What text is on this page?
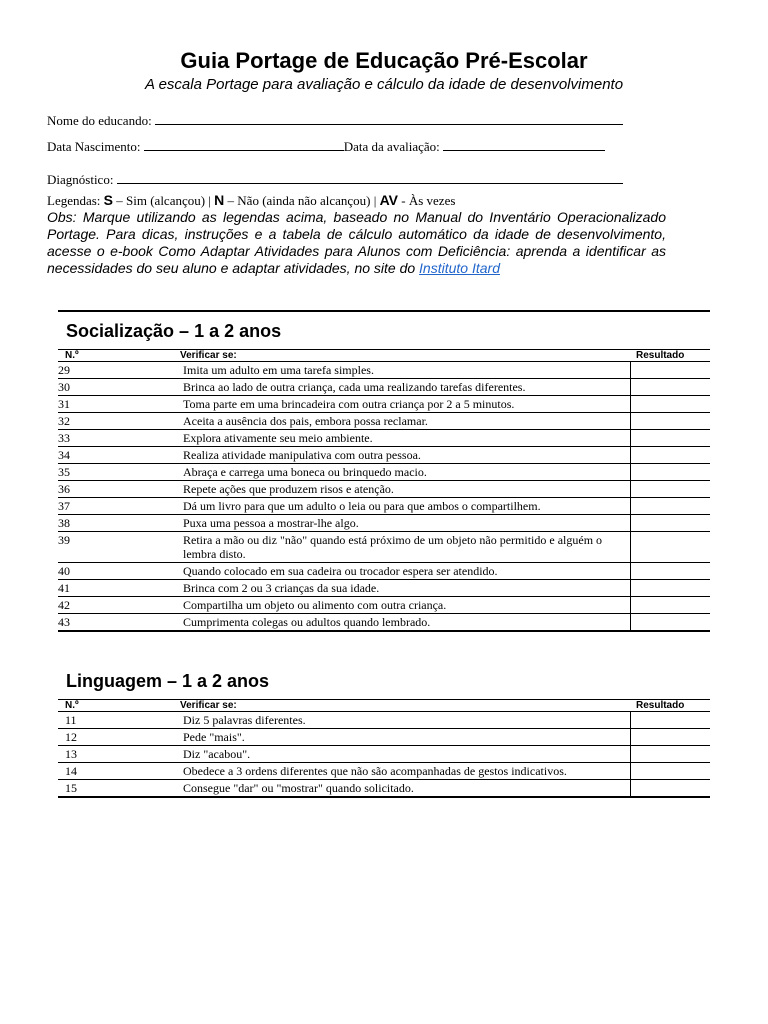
Guia Portage de Educação Pré-Escolar
A escala Portage para avaliação e cálculo da idade de desenvolvimento
Nome do educando:
Data Nascimento:	Data da avaliação:
Diagnóstico:
Legendas: S – Sim (alcançou) | N – Não (ainda não alcançou) | AV - Às vezes
Obs: Marque utilizando as legendas acima, baseado no Manual do Inventário Operacionalizado Portage. Para dicas, instruções e a tabela de cálculo automático da idade de desenvolvimento, acesse o e-book Como Adaptar Atividades para Alunos com Deficiência: aprenda a identificar as necessidades do seu aluno e adaptar atividades, no site do Instituto Itard
Socialização – 1 a 2 anos
N.º	Verificar se:	Resultado
29	Imita um adulto em uma tarefa simples.	
30	Brinca ao lado de outra criança, cada uma realizando tarefas diferentes.	
31	Toma parte em uma brincadeira com outra criança por 2 a 5 minutos.	
32	Aceita a ausência dos pais, embora possa reclamar.	
33	Explora ativamente seu meio ambiente.	
34	Realiza atividade manipulativa com outra pessoa.	
35	Abraça e carrega uma boneca ou brinquedo macio.	
36	Repete ações que produzem risos e atenção.	
37	Dá um livro para que um adulto o leia ou para que ambos o compartilhem.	
38	Puxa uma pessoa a mostrar-lhe algo.	
39	Retira a mão ou diz "não" quando está próximo de um objeto não permitido e alguém o lembra disto.	
40	Quando colocado em sua cadeira ou trocador espera ser atendido.	
41	Brinca com 2 ou 3 crianças da sua idade.	
42	Compartilha um objeto ou alimento com outra criança.	
43	Cumprimenta colegas ou adultos quando lembrado.	
Linguagem – 1 a 2 anos
N.º	Verificar se:	Resultado
11	Diz 5 palavras diferentes.	
12	Pede "mais".	
13	Diz "acabou".	
14	Obedece a 3 ordens diferentes que não são acompanhadas de gestos indicativos.	
15	Consegue "dar" ou "mostrar" quando solicitado.	
